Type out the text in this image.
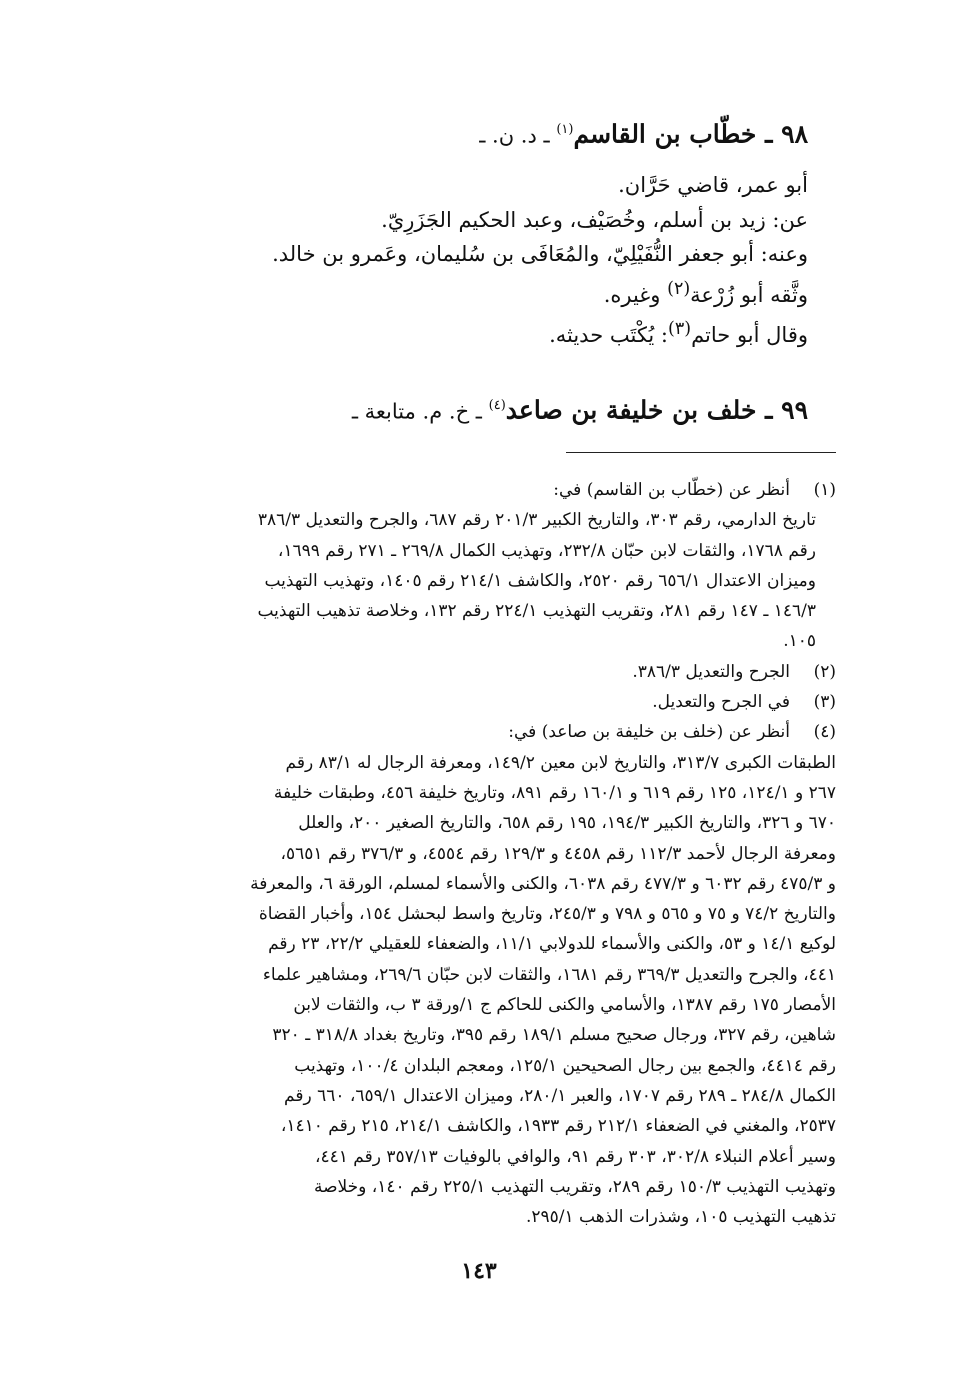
٩٨ ـ خطّاب بن القاسم$^{(١)}$ ـ د. ن. ـ
أبو عمر، قاضي حَرَّان.
عن: زيد بن أسلم، وخُصَيْف، وعبد الحكيم الجَزَرِيّ.
وعنه: أبو جعفر النُّفَيْلِيّ، والمُعَافَى بن سُليمان، وعَمرو بن خالد.
وثَّقه أبو زُرْعة$^{(٢)}$ وغيره.
وقال أبو حاتم$^{(٣)}$: يُكْتَب حديثه.
٩٩ ـ خلف بن خليفة بن صاعد$^{(٤)}$ ـ خ. م. متابعة ـ
(١)
أنظر عن (خطّاب بن القاسم) في:
تاريخ الدارمي، رقم ٣٠٣، والتاريخ الكبير ٢٠١/٣ رقم ٦٨٧، والجرح والتعديل ٣٨٦/٣
رقم ١٧٦٨، والثقات لابن حبّان ٢٣٢/٨، وتهذيب الكمال ٢٦٩/٨ ـ ٢٧١ رقم ١٦٩٩،
وميزان الاعتدال ٦٥٦/١ رقم ٢٥٢٠، والكاشف ٢١٤/١ رقم ١٤٠٥، وتهذيب التهذيب
١٤٦/٣ ـ ١٤٧ رقم ٢٨١، وتقريب التهذيب ٢٢٤/١ رقم ١٣٢، وخلاصة تذهيب التهذيب
١٠٥.
(٢)
الجرح والتعديل ٣٨٦/٣.
(٣)
في الجرح والتعديل.
(٤)
أنظر عن (خلف بن خليفة بن صاعد) في:
الطبقات الكبرى ٣١٣/٧، والتاريخ لابن معين ١٤٩/٢، ومعرفة الرجال له ٨٣/١ رقم
٢٦٧ و ١٢٤/١، ١٢٥ رقم ٦١٩ و ١٦٠/١ رقم ٨٩١، وتاريخ خليفة ٤٥٦، وطبقات خليفة
٦٧٠ و ٣٢٦، والتاريخ الكبير ١٩٤/٣، ١٩٥ رقم ٦٥٨، والتاريخ الصغير ٢٠٠، والعلل
ومعرفة الرجال لأحمد ١١٢/٣ رقم ٤٤٥٨ و ١٢٩/٣ رقم ٤٥٥٤، و ٣٧٦/٣ رقم ٥٦٥١،
و ٤٧٥/٣ رقم ٦٠٣٢ و ٤٧٧/٣ رقم ٦٠٣٨، والكنى والأسماء لمسلم، الورقة ٦، والمعرفة
والتاريخ ٧٤/٢ و ٧٥ و ٥٦٥ و ٧٩٨ و ٢٤٥/٣، وتاريخ واسط لبحشل ١٥٤، وأخبار القضاة
لوكيع ١٤/١ و ٥٣، والكنى والأسماء للدولابي ١١/١، والضعفاء للعقيلي ٢٢/٢، ٢٣ رقم
٤٤١، والجرح والتعديل ٣٦٩/٣ رقم ١٦٨١، والثقات لابن حبّان ٢٦٩/٦، ومشاهير علماء
الأمصار ١٧٥ رقم ١٣٨٧، والأسامي والكنى للحاكم ج ١/ورقة ٣ ب، والثقات لابن
شاهين، رقم ٣٢٧، ورجال صحيح مسلم ١٨٩/١ رقم ٣٩٥، وتاريخ بغداد ٣١٨/٨ ـ ٣٢٠
رقم ٤٤١٤، والجمع بين رجال الصحيحين ١٢٥/١، ومعجم البلدان ١٠٠/٤، وتهذيب
الكمال ٢٨٤/٨ ـ ٢٨٩ رقم ١٧٠٧، والعبر ٢٨٠/١، وميزان الاعتدال ٦٥٩/١، ٦٦٠ رقم
٢٥٣٧، والمغني في الضعفاء ٢١٢/١ رقم ١٩٣٣، والكاشف ٢١٤/١، ٢١٥ رقم ١٤١٠،
وسير أعلام النبلاء ٣٠٢/٨، ٣٠٣ رقم ٩١، والوافي بالوفيات ٣٥٧/١٣ رقم ٤٤١،
وتهذيب التهذيب ١٥٠/٣ رقم ٢٨٩، وتقريب التهذيب ٢٢٥/١ رقم ١٤٠، وخلاصة
تذهيب التهذيب ١٠٥، وشذرات الذهب ٢٩٥/١.
١٤٣
